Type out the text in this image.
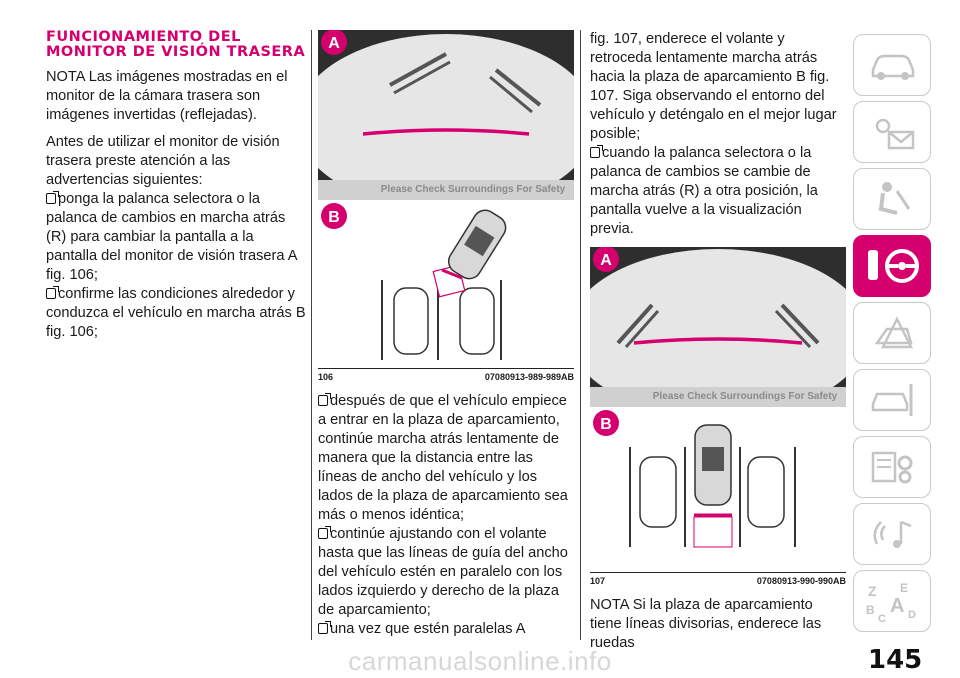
FUNCIONAMIENTO DEL MONITOR DE VISIÓN TRASERA

NOTA Las imágenes mostradas en el monitor de la cámara trasera son imágenes invertidas (reflejadas).

Antes de utilizar el monitor de visión trasera preste atención a las advertencias siguientes:

ponga la palanca selectora o la palanca de cambios en marcha atrás (R) para cambiar la pantalla a la pantalla del monitor de visión trasera A fig. 106;

confirme las condiciones alrededor y conduzca el vehículo en marcha atrás B fig. 106;

Please Check Surroundings For Safety
A
B
106	07080913-989-989AB

después de que el vehículo empiece a entrar en la plaza de aparcamiento, continúe marcha atrás lentamente de manera que la distancia entre las líneas de ancho del vehículo y los lados de la plaza de aparcamiento sea más o menos idéntica;

continúe ajustando con el volante hasta que las líneas de guía del ancho del vehículo estén en paralelo con los lados izquierdo y derecho de la plaza de aparcamiento;

una vez que estén paralelas A

fig. 107, enderece el volante y retroceda lentamente marcha atrás hacia la plaza de aparcamiento B fig. 107. Siga observando el entorno del vehículo y deténgalo en el mejor lugar posible;

cuando la palanca selectora o la palanca de cambios se cambie de marcha atrás (R) a otra posición, la pantalla vuelve a la visualización previa.

Please Check Surroundings For Safety
A
B
107	07080913-990-990AB

NOTA Si la plaza de aparcamiento tiene líneas divisorias, enderece las ruedas

Z E
B A
C D
carmanualsonline.info	145
